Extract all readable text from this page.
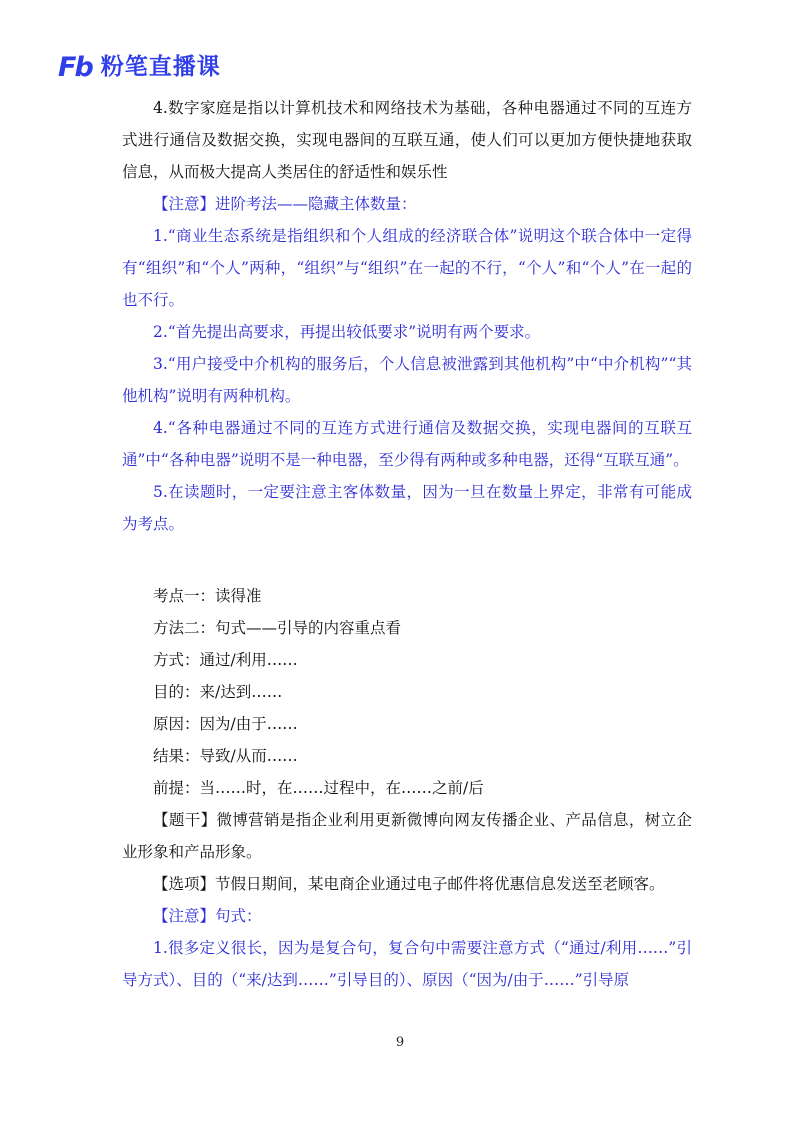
Fb 粉笔直播课

4.数字家庭是指以计算机技术和网络技术为基础，各种电器通过不同的互连方式进行通信及数据交换，实现电器间的互联互通，使人们可以更加方便快捷地获取信息，从而极大提高人类居住的舒适性和娱乐性

【注意】进阶考法——隐藏主体数量：

1.“商业生态系统是指组织和个人组成的经济联合体”说明这个联合体中一定得有“组织”和“个人”两种，“组织”与“组织”在一起的不行，“个人”和“个人”在一起的也不行。

2.“首先提出高要求，再提出较低要求”说明有两个要求。

3.“用户接受中介机构的服务后，个人信息被泄露到其他机构”中“中介机构”“其他机构”说明有两种机构。

4.“各种电器通过不同的互连方式进行通信及数据交换，实现电器间的互联互通”中“各种电器”说明不是一种电器，至少得有两种或多种电器，还得“互联互通”。

5.在读题时，一定要注意主客体数量，因为一旦在数量上界定，非常有可能成为考点。

考点一：读得准

方法二：句式——引导的内容重点看

方式：通过/利用……

目的：来/达到……

原因：因为/由于……

结果：导致/从而……

前提：当……时，在……过程中，在……之前/后

【题干】微博营销是指企业利用更新微博向网友传播企业、产品信息，树立企业形象和产品形象。

【选项】节假日期间，某电商企业通过电子邮件将优惠信息发送至老顾客。

【注意】句式：

1.很多定义很长，因为是复合句，复合句中需要注意方式（“通过/利用……”引导方式）、目的（“来/达到……”引导目的）、原因（“因为/由于……”引导原

9
